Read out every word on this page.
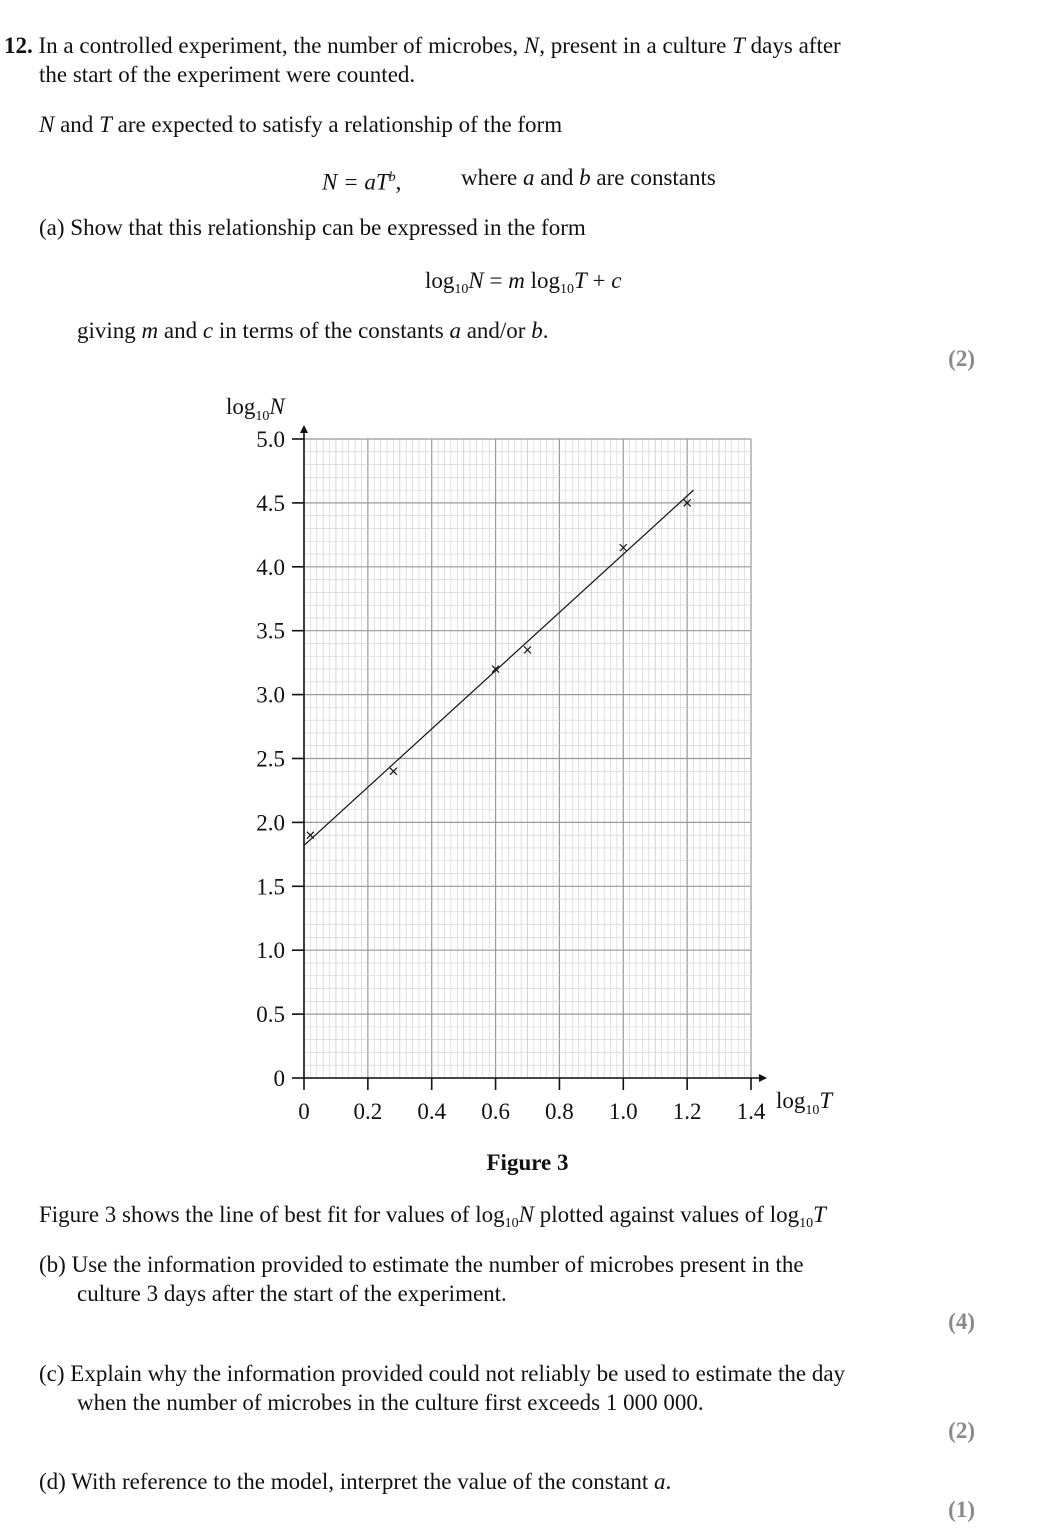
12. In a controlled experiment, the number of microbes, N, present in a culture T days after
the start of the experiment were counted.
N and T are expected to satisfy a relationship of the form
$N = aT^b$,	where a and b are constants
(a) Show that this relationship can be expressed in the form
$\log_{10}N = m$ $\log_{10}T + c$
giving m and c in terms of the constants a and/or b.
(2)
0 0.2 0.4 0.6 0.8 1.0 1.2 1.4
0
0.5
1.0
1.5
2.0
2.5
3.0
3.5
4.0
4.5
5.0
$\log_{10}N$
$\log_{10}T$
Figure 3
Figure 3 shows the line of best fit for values of $\log_{10}N$ plotted against values of $\log_{10}T$
(b) Use the information provided to estimate the number of microbes present in the
culture 3 days after the start of the experiment.
(4)
(c) Explain why the information provided could not reliably be used to estimate the day
when the number of microbes in the culture first exceeds 1 000 000.
(2)
(d) With reference to the model, interpret the value of the constant a.
(1)
